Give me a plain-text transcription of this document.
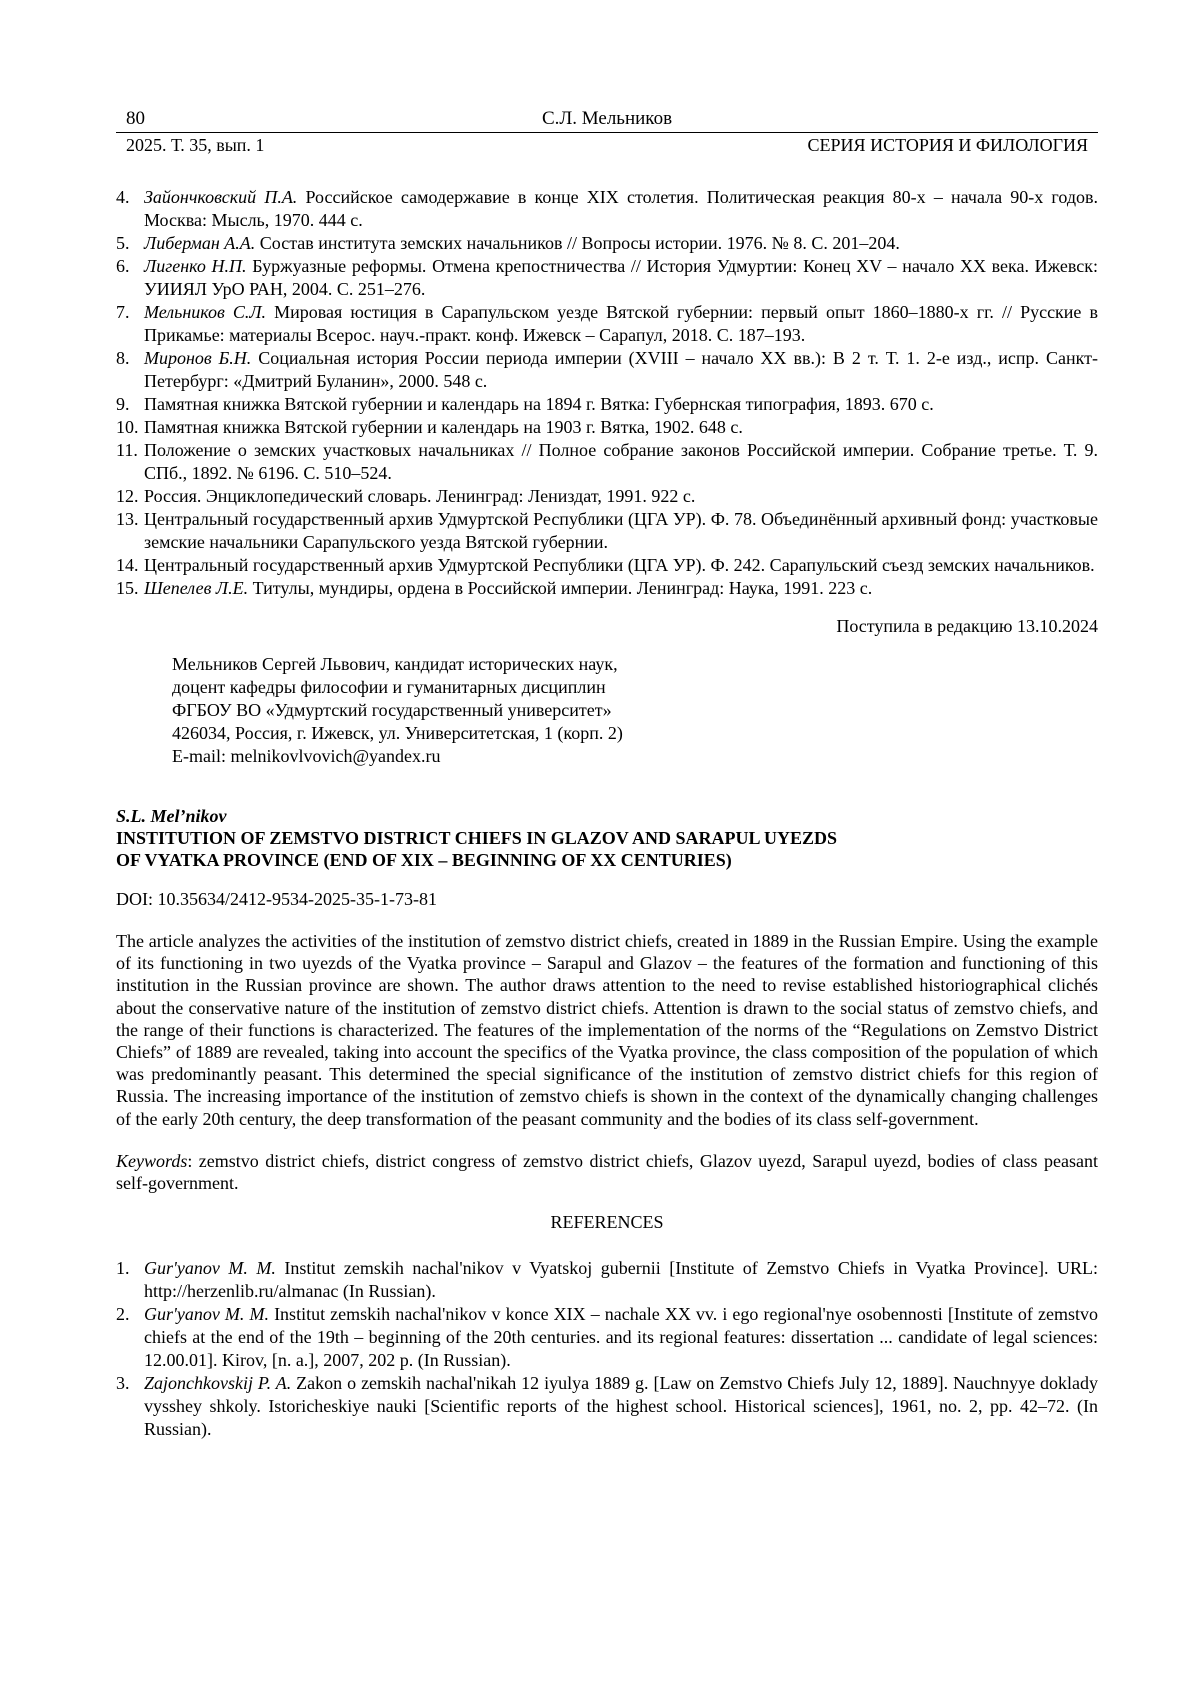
80	С.Л. Мельников
2025. Т. 35, вып. 1	СЕРИЯ ИСТОРИЯ И ФИЛОЛОГИЯ
4. Зайончковский П.А. Российское самодержавие в конце XIX столетия. Политическая реакция 80-х – начала 90-х годов. Москва: Мысль, 1970. 444 с.
5. Либерман А.А. Состав института земских начальников // Вопросы истории. 1976. № 8. С. 201–204.
6. Лигенко Н.П. Буржуазные реформы. Отмена крепостничества // История Удмуртии: Конец XV – начало XX века. Ижевск: УИИЯЛ УрО РАН, 2004. С. 251–276.
7. Мельников С.Л. Мировая юстиция в Сарапульском уезде Вятской губернии: первый опыт 1860–1880-х гг. // Русские в Прикамье: материалы Всерос. науч.-практ. конф. Ижевск – Сарапул, 2018. С. 187–193.
8. Миронов Б.Н. Социальная история России периода империи (XVIII – начало XX вв.): В 2 т. Т. 1. 2-е изд., испр. Санкт-Петербург: «Дмитрий Буланин», 2000. 548 с.
9. Памятная книжка Вятской губернии и календарь на 1894 г. Вятка: Губернская типография, 1893. 670 с.
10. Памятная книжка Вятской губернии и календарь на 1903 г. Вятка, 1902. 648 с.
11. Положение о земских участковых начальниках // Полное собрание законов Российской империи. Собрание третье. Т. 9. СПб., 1892. № 6196. С. 510–524.
12. Россия. Энциклопедический словарь. Ленинград: Лениздат, 1991. 922 с.
13. Центральный государственный архив Удмуртской Республики (ЦГА УР). Ф. 78. Объединённый архивный фонд: участковые земские начальники Сарапульского уезда Вятской губернии.
14. Центральный государственный архив Удмуртской Республики (ЦГА УР). Ф. 242. Сарапульский съезд земских начальников.
15. Шепелев Л.Е. Титулы, мундиры, ордена в Российской империи. Ленинград: Наука, 1991. 223 с.
Поступила в редакцию 13.10.2024
Мельников Сергей Львович, кандидат исторических наук,
доцент кафедры философии и гуманитарных дисциплин
ФГБОУ ВО «Удмуртский государственный университет»
426034, Россия, г. Ижевск, ул. Университетская, 1 (корп. 2)
E-mail: melnikovlvovich@yandex.ru
S.L. Mel’nikov
INSTITUTION OF ZEMSTVO DISTRICT CHIEFS IN GLAZOV AND SARAPUL UYEZDS
OF VYATKA PROVINCE (END OF XIX – BEGINNING OF XX CENTURIES)
DOI: 10.35634/2412-9534-2025-35-1-73-81
The article analyzes the activities of the institution of zemstvo district chiefs, created in 1889 in the Russian Empire. Using the example of its functioning in two uyezds of the Vyatka province – Sarapul and Glazov – the features of the formation and functioning of this institution in the Russian province are shown. The author draws attention to the need to revise established historiographical clichés about the conservative nature of the institution of zemstvo district chiefs. Attention is drawn to the social status of zemstvo chiefs, and the range of their functions is characterized. The features of the implementation of the norms of the “Regulations on Zemstvo District Chiefs” of 1889 are revealed, taking into account the specifics of the Vyatka province, the class composition of the population of which was predominantly peasant. This determined the special significance of the institution of zemstvo district chiefs for this region of Russia. The increasing importance of the institution of zemstvo chiefs is shown in the context of the dynamically changing challenges of the early 20th century, the deep transformation of the peasant community and the bodies of its class self-government.
Keywords: zemstvo district chiefs, district congress of zemstvo district chiefs, Glazov uyezd, Sarapul uyezd, bodies of class peasant self-government.
REFERENCES
1. Gur'yanov M. M. Institut zemskih nachal'nikov v Vyatskoj gubernii [Institute of Zemstvo Chiefs in Vyatka Province]. URL: http://herzenlib.ru/almanac (In Russian).
2. Gur'yanov M. M. Institut zemskih nachal'nikov v konce XIX – nachale XX vv. i ego regional'nye osobennosti [Institute of zemstvo chiefs at the end of the 19th – beginning of the 20th centuries. and its regional features: dissertation ... candidate of legal sciences: 12.00.01]. Kirov, [n. a.], 2007, 202 p. (In Russian).
3. Zajonchkovskij P. A. Zakon o zemskih nachal'nikah 12 iyulya 1889 g. [Law on Zemstvo Chiefs July 12, 1889]. Nauchnyye doklady vysshey shkoly. Istoricheskiye nauki [Scientific reports of the highest school. Historical sciences], 1961, no. 2, pp. 42–72. (In Russian).
